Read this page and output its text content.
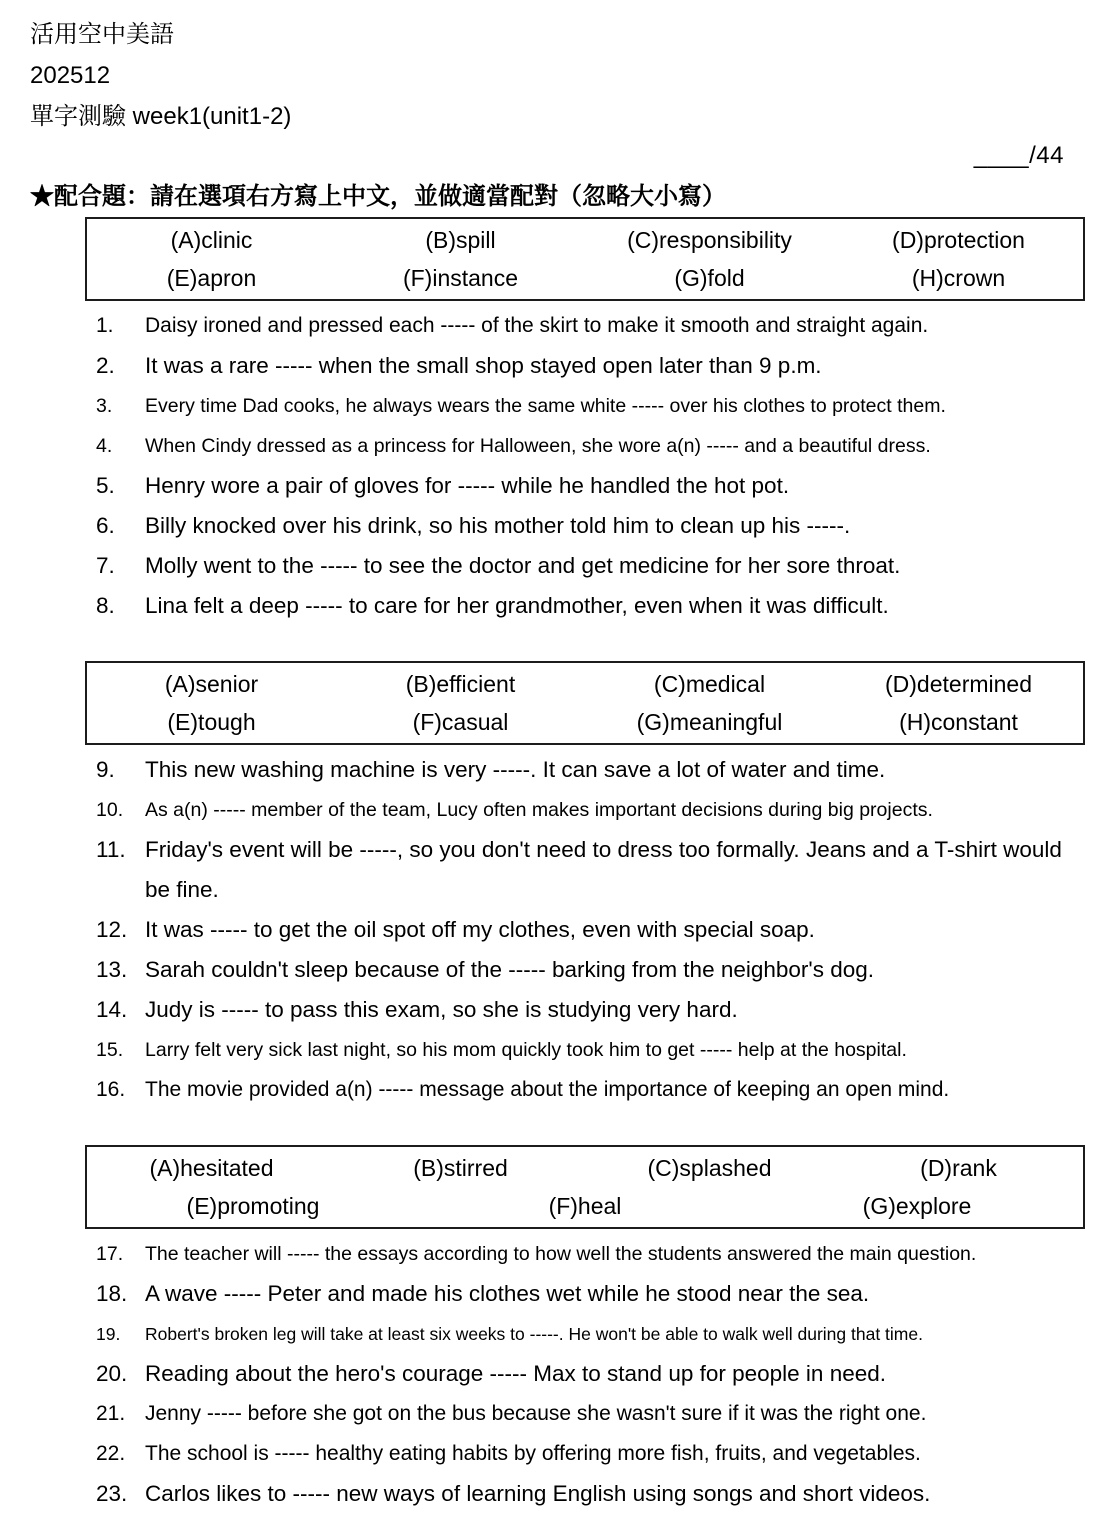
活用空中美語
202512
單字測驗 week1(unit1-2)
____/44
★配合題：請在選項右方寫上中文，並做適當配對（忽略大小寫）
(A)clinic	(B)spill	(C)responsibility	(D)protection
(E)apron	(F)instance	(G)fold	(H)crown
1.	Daisy ironed and pressed each ----- of the skirt to make it smooth and straight again.
2.	It was a rare ----- when the small shop stayed open later than 9 p.m.
3.	Every time Dad cooks, he always wears the same white ----- over his clothes to protect them.
4.	When Cindy dressed as a princess for Halloween, she wore a(n) ----- and a beautiful dress.
5.	Henry wore a pair of gloves for ----- while he handled the hot pot.
6.	Billy knocked over his drink, so his mother told him to clean up his -----.
7.	Molly went to the ----- to see the doctor and get medicine for her sore throat.
8.	Lina felt a deep ----- to care for her grandmother, even when it was difficult.
(A)senior	(B)efficient	(C)medical	(D)determined
(E)tough	(F)casual	(G)meaningful	(H)constant
9.	This new washing machine is very -----. It can save a lot of water and time.
10.	As a(n) ----- member of the team, Lucy often makes important decisions during big projects.
11. Friday's event will be -----, so you don't need to dress too formally. Jeans and a T-shirt would be fine.
12. It was ----- to get the oil spot off my clothes, even with special soap.
13. Sarah couldn't sleep because of the ----- barking from the neighbor's dog.
14. Judy is ----- to pass this exam, so she is studying very hard.
15.	Larry felt very sick last night, so his mom quickly took him to get ----- help at the hospital.
16. The movie provided a(n) ----- message about the importance of keeping an open mind.
(A)hesitated	(B)stirred	(C)splashed	(D)rank
(E)promoting	(F)heal	(G)explore
17.	The teacher will ----- the essays according to how well the students answered the main question.
18. A wave ----- Peter and made his clothes wet while he stood near the sea.
19.	Robert's broken leg will take at least six weeks to -----. He won't be able to walk well during that time.
20. Reading about the hero's courage ----- Max to stand up for people in need.
21. Jenny ----- before she got on the bus because she wasn't sure if it was the right one.
22. The school is ----- healthy eating habits by offering more fish, fruits, and vegetables.
23. Carlos likes to ----- new ways of learning English using songs and short videos.
